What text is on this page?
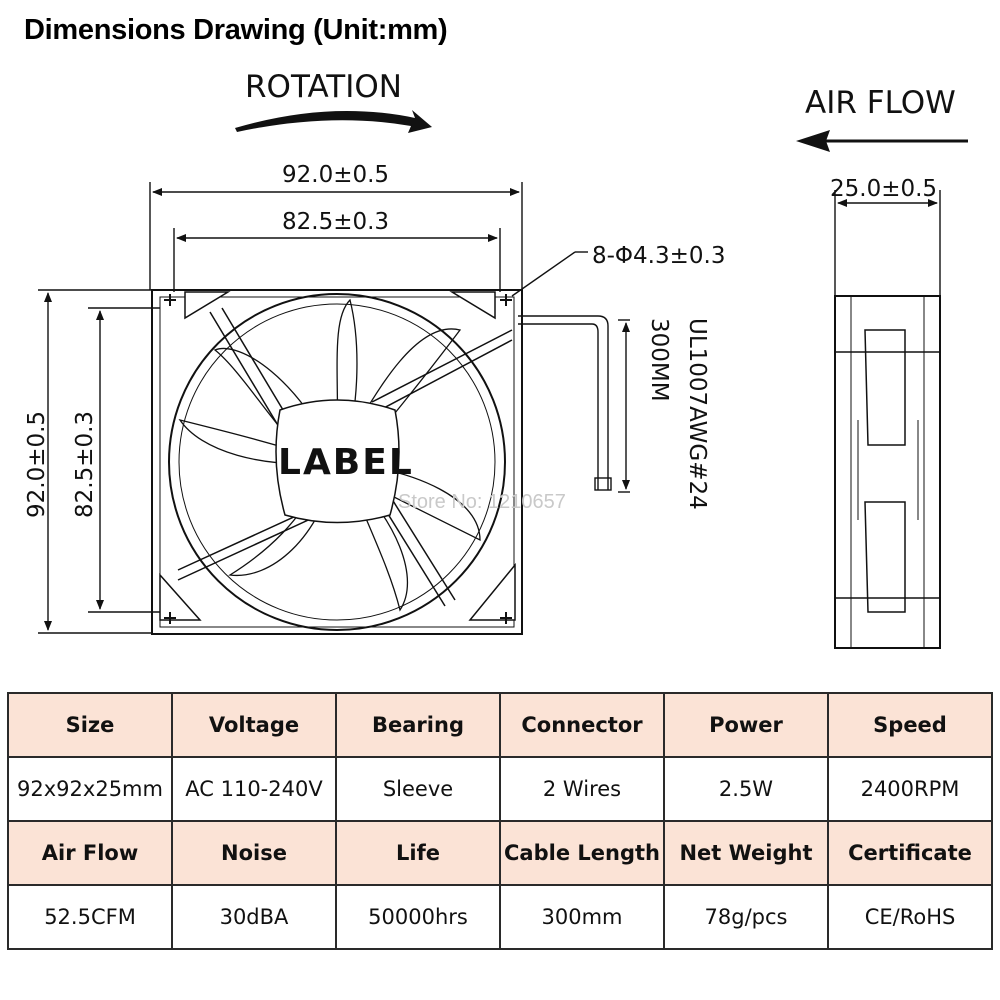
Dimensions Drawing (Unit:mm)
ROTATION	AIR FLOW
92.0±0.5
82.5±0.3
92.0±0.5 82.5±0.3	LABEL
300MM UL1007AWG#24
8-Φ4.3±0.3
25.0±0.5
Store No: 1210657
Size	Voltage	Bearing	Connector	Power	Speed
92x92x25mm	AC 110-240V	Sleeve	2 Wires	2.5W	2400RPM
Air Flow	Noise	Life	Cable Length	Net Weight	Certificate
52.5CFM	30dBA	50000hrs	300mm	78g/pcs	CE/RoHS
